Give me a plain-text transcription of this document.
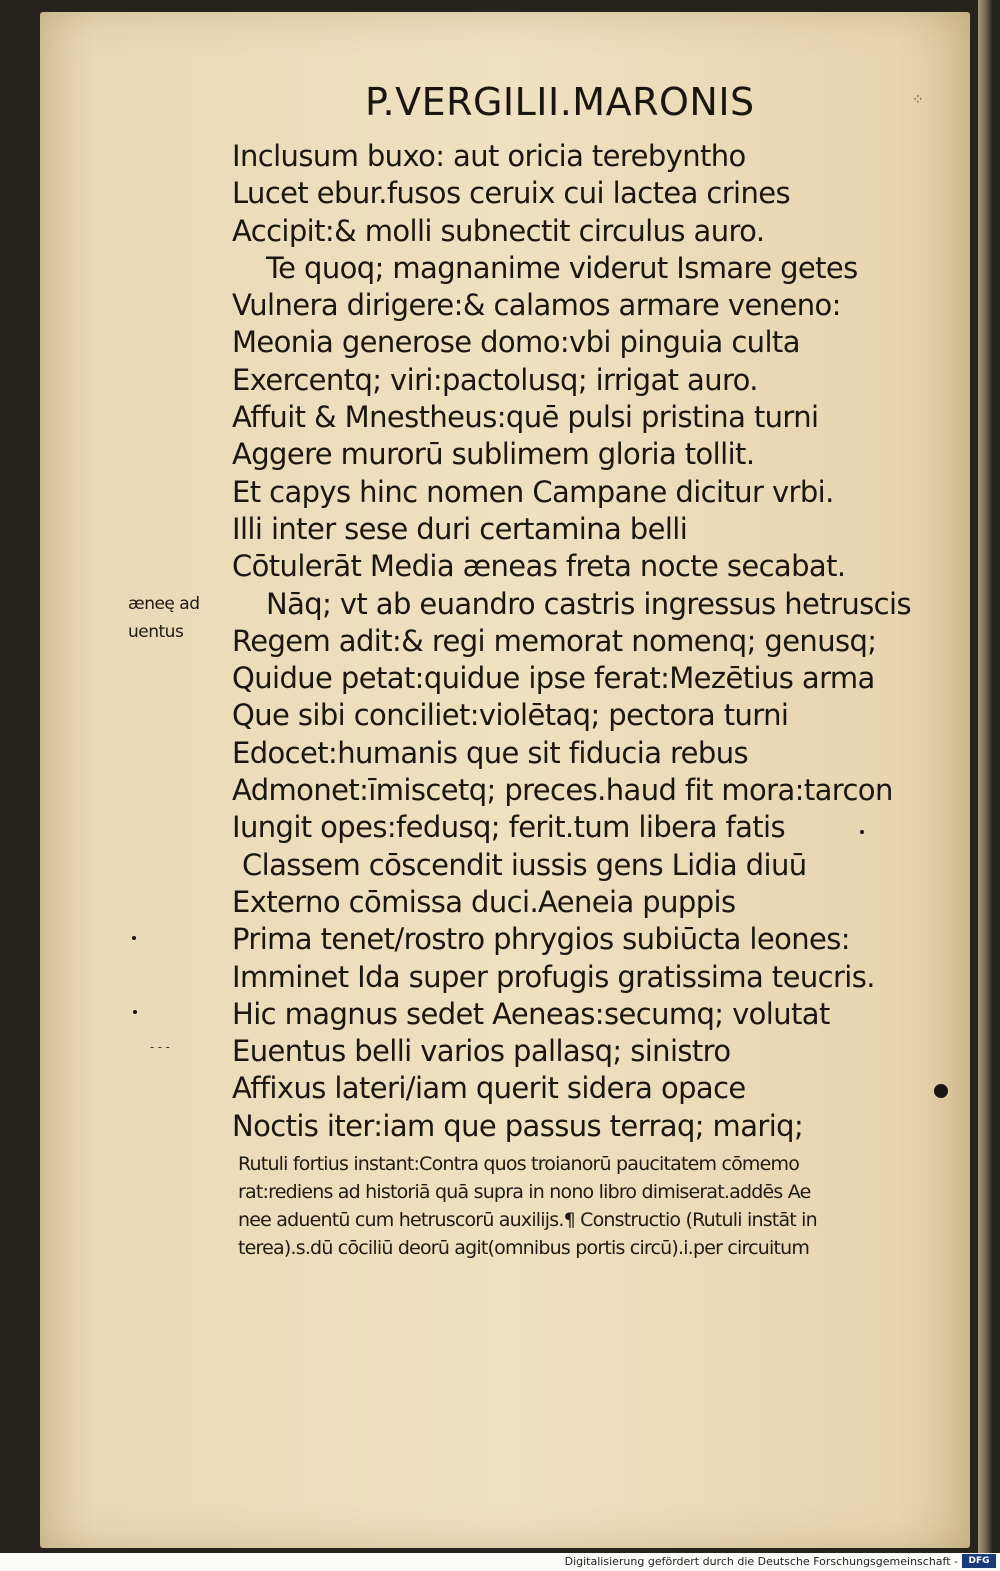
P.VERGILII.MARONIS	⁘
æneę ad
uentus
Inclusum buxo: aut oricia terebyntho
Lucet ebur.fusos ceruix cui lactea crines
Accipit:& molli subnectit circulus auro.
Te quoq; magnanime viderut Ismare getes
Vulnera dirigere:& calamos armare veneno:
Meonia generose domo:vbi pinguia culta
Exercentq; viri:pactolusq; irrigat auro.
Affuit & Mnestheus:quē pulsi pristina turni
Aggere murorū sublimem gloria tollit.
Et capys hinc nomen Campane dicitur vrbi.
Illi inter sese duri certamina belli
Cōtulerāt Media æneas freta nocte secabat.
Nāq; vt ab euandro castris ingressus hetruscis
Regem adit:& regi memorat nomenq; genusq;
Quidue petat:quidue ipse ferat:Mezētius arma
Que sibi conciliet:violētaq; pectora turni
Edocet:humanis que sit fiducia rebus
Admonet:īmiscetq; preces.haud fit mora:tarcon
Iungit opes:fedusq; ferit.tum libera fatis
Classem cōscendit iussis gens Lidia diuū
Externo cōmissa duci.Aeneia puppis
Prima tenet/rostro phrygios subiūcta leones:
Imminet Ida super profugis gratissima teucris.
Hic magnus sedet Aeneas:secumq; volutat
Euentus belli varios pallasq; sinistro
Affixus lateri/iam querit sidera opace
Noctis iter:iam que passus terraq; mariq;
Rutuli fortius instant:Contra quos troianorū paucitatem cōmemo
rat:rediens ad historiā quā supra in nono libro dimiserat.addēs Ae
nee aduentū cum hetruscorū auxilijs.¶ Constructio (Rutuli instāt in
terea).s.dū cōciliū deorū agit(omnibus portis circū).i.per circuitum
- - -
Digitalisierung gefördert durch die Deutsche Forschungsgemeinschaft -	DFG
